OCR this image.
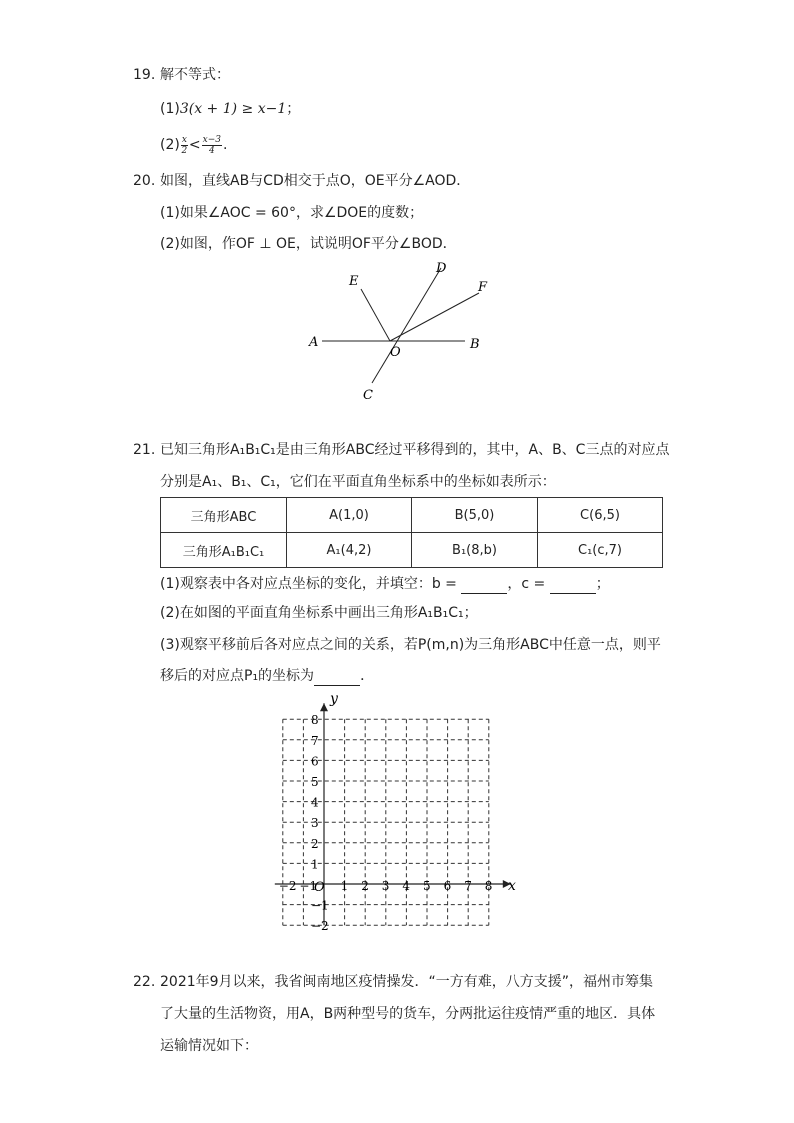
19. 解不等式：
(1)3(x + 1) ≥ x−1；
$(2) \frac{x}{2} < \frac{x-3}{4}$ .
20. 如图，直线AB与CD相交于点O，OE平分∠AOD．
(1)如果∠AOC = 60°，求∠DOE的度数；
(2)如图，作OF ⊥ OE，试说明OF平分∠BOD．
A	B
C
D
E	F
O
21. 已知三角形A₁B₁C₁是由三角形ABC经过平移得到的，其中，A、B、C三点的对应点
分别是A₁、B₁、C₁，它们在平面直角坐标系中的坐标如表所示：
三角形ABC	A(1,0)	B(5,0)	C(6,5)
三角形A₁B₁C₁	A₁(4,2)	B₁(8,b)	C₁(c,7)
(1)观察表中各对应点坐标的变化，并填空：b =	，c =	；
(2)在如图的平面直角坐标系中画出三角形A₁B₁C₁；
(3)观察平移前后各对应点之间的关系，若P(m,n)为三角形ABC中任意一点，则平
移后的对应点P₁的坐标为	．
−2 −1 1 2 3 4 5 6 7 8
8
7
6
5
4
3
2
1
−1
−2
x
y
O
22. 2021年9月以来，我省闽南地区疫情操发．“一方有难，八方支援”，福州市筹集
了大量的生活物资，用A，B两种型号的货车，分两批运往疫情严重的地区．具体
运输情况如下：
